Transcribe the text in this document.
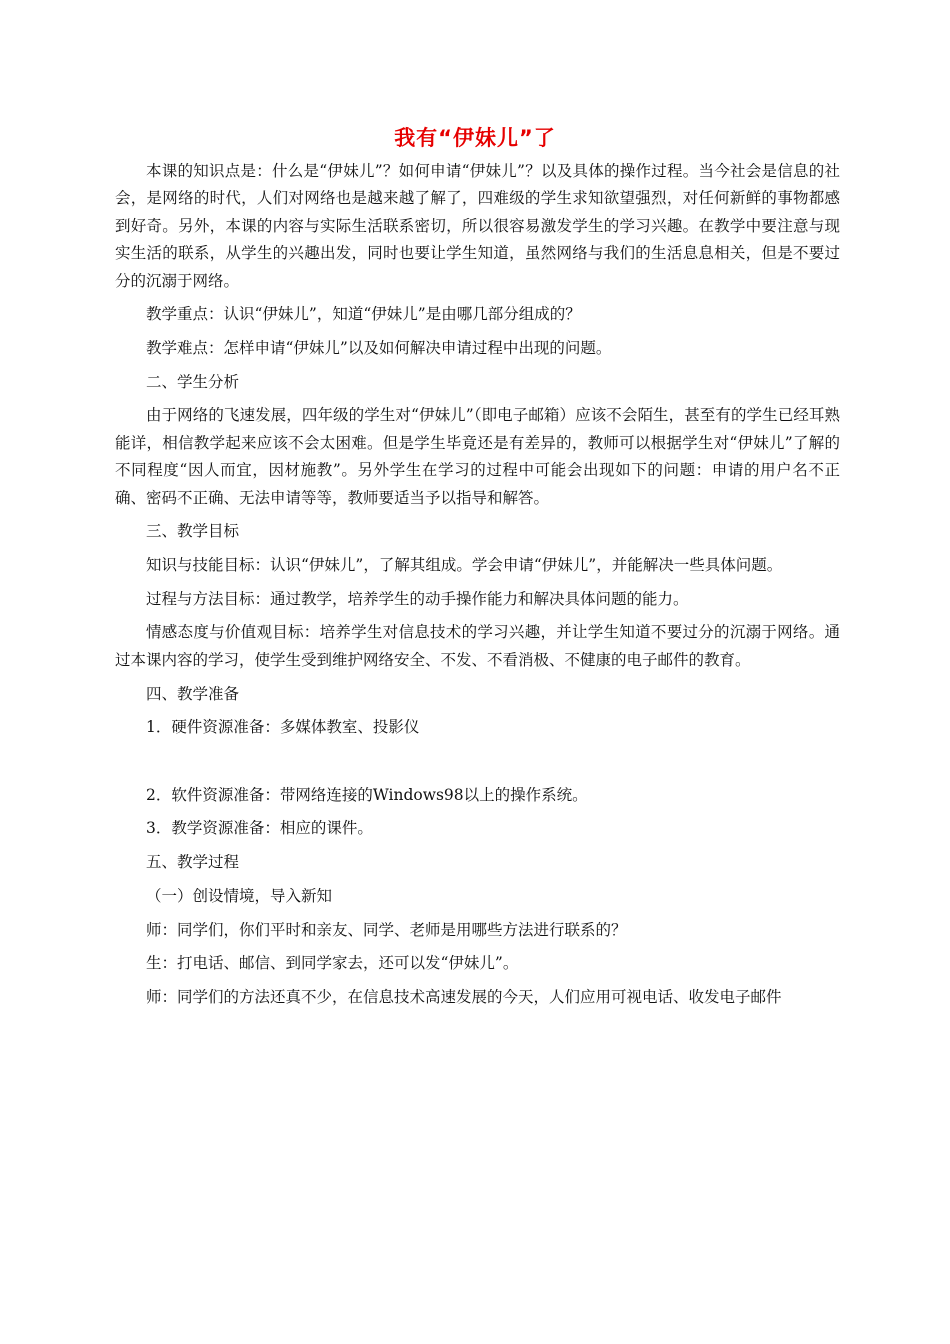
我有“伊妹儿”了

本课的知识点是：什么是“伊妹儿”？如何申请“伊妹儿”？以及具体的操作过程。当今社会是信息的社会，是网络的时代，人们对网络也是越来越了解了，四难级的学生求知欲望强烈，对任何新鲜的事物都感到好奇。另外，本课的内容与实际生活联系密切，所以很容易激发学生的学习兴趣。在教学中要注意与现实生活的联系，从学生的兴趣出发，同时也要让学生知道，虽然网络与我们的生活息息相关，但是不要过分的沉溺于网络。

教学重点：认识“伊妹儿”，知道“伊妹儿”是由哪几部分组成的？

教学难点：怎样申请“伊妹儿”以及如何解决申请过程中出现的问题。

二、学生分析

由于网络的飞速发展，四年级的学生对“伊妹儿”（即电子邮箱）应该不会陌生，甚至有的学生已经耳熟能详，相信教学起来应该不会太困难。但是学生毕竟还是有差异的，教师可以根据学生对“伊妹儿”了解的不同程度“因人而宜，因材施教”。另外学生在学习的过程中可能会出现如下的问题：申请的用户名不正确、密码不正确、无法申请等等，教师要适当予以指导和解答。

三、教学目标

知识与技能目标：认识“伊妹儿”，了解其组成。学会申请“伊妹儿”，并能解决一些具体问题。

过程与方法目标：通过教学，培养学生的动手操作能力和解决具体问题的能力。

情感态度与价值观目标：培养学生对信息技术的学习兴趣，并让学生知道不要过分的沉溺于网络。通过本课内容的学习，使学生受到维护网络安全、不发、不看消极、不健康的电子邮件的教育。

四、教学准备

1．硬件资源准备：多媒体教室、投影仪

2．软件资源准备：带网络连接的Windows98以上的操作系统。

3．教学资源准备：相应的课件。

五、教学过程

（一）创设情境，导入新知

师：同学们，你们平时和亲友、同学、老师是用哪些方法进行联系的？

生：打电话、邮信、到同学家去，还可以发“伊妹儿”。

师：同学们的方法还真不少，在信息技术高速发展的今天，人们应用可视电话、收发电子邮件
